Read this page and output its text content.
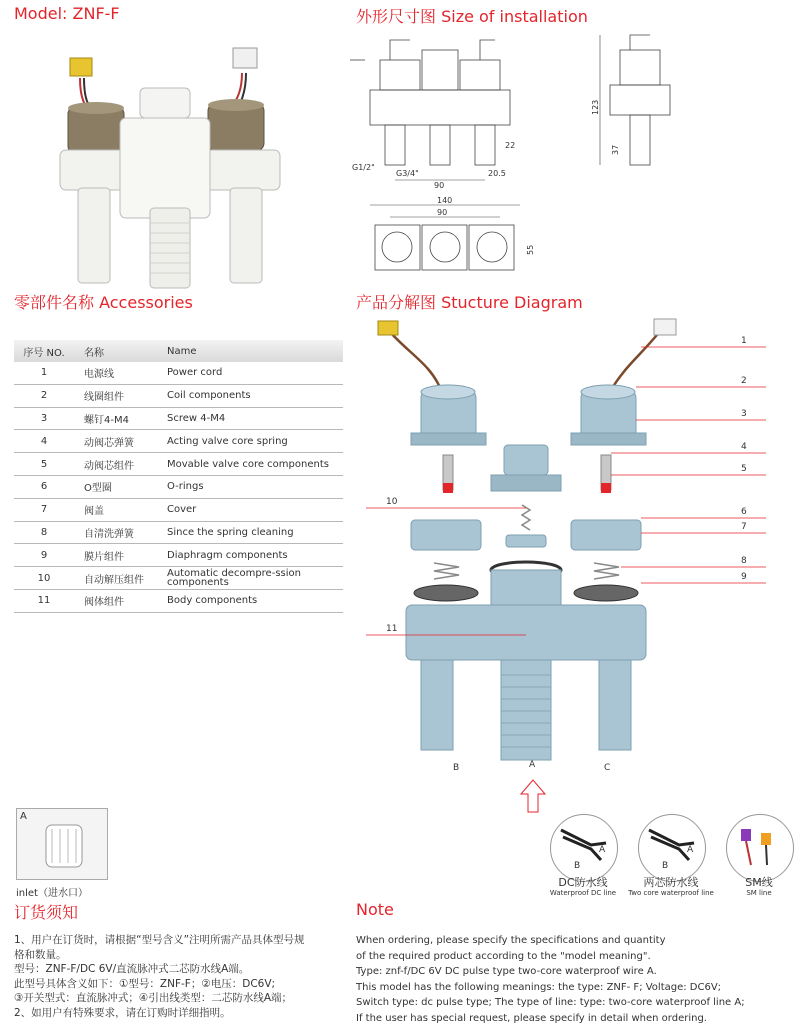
Model: ZNF-F	外形尺寸图 Size of installation
零部件名称 Accessories	产品分解图 Stucture Diagram
G1/2"
G3/4"
90
20.5
22
123
37
140
90
55
序号 NO.	名称	Name
1	电源线	Power cord
2	线圈组件	Coil components
3	螺钉4-M4	Screw 4-M4
4	动阀芯弹簧	Acting valve core spring
5	动阀芯组件	Movable valve core components
6	O型圈	O-rings
7	阀盖	Cover
8	自清洗弹簧	Since the spring cleaning
9	膜片组件	Diaphragm components
10	自动解压组件	Automatic decompre-ssion components
11	阀体组件	Body components
1
2
3
4
5
6
7
8
9
10
11
B	A	C
A
inlet（进水口）
B
A
B
A
DC防水线
Waterproof DC line
两芯防水线
Two core waterproof line
SM线
SM line
订货须知
1、用户在订货时，请根据“型号含义”注明所需产品具体型号规
格和数量。
型号：ZNF-F/DC 6V/直流脉冲式二芯防水线A端。
此型号具体含义如下：①型号：ZNF-F；②电压：DC6V;
③开关型式：直流脉冲式；④引出线类型：二芯防水线A端；
2、如用户有特殊要求，请在订购时详细指明。
Note
When ordering, please specify the specifications and quantity
of the required product according to the "model meaning".
Type: znf-f/DC 6V DC pulse type two-core waterproof wire A.
This model has the following meanings: the type: ZNF- F; Voltage: DC6V;
Switch type: dc pulse type; The type of line: type: two-core waterproof line A;
If the user has special request, please specify in detail when ordering.
